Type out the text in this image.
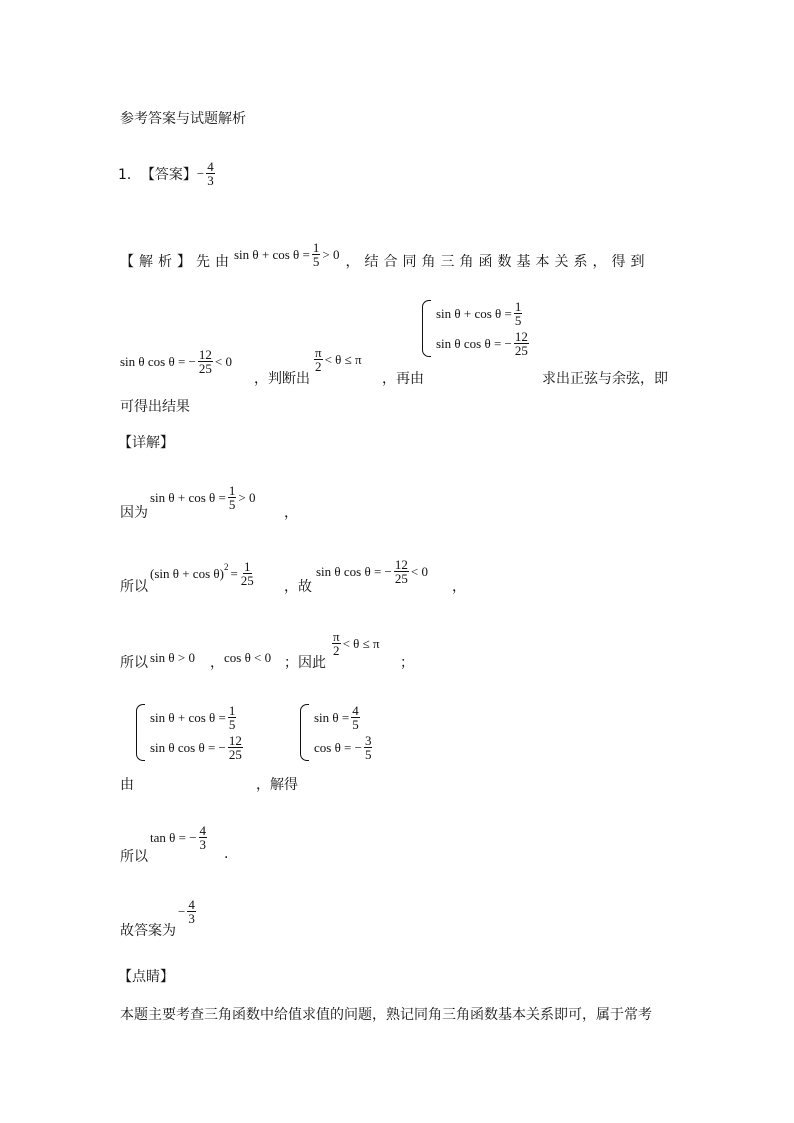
参考答案与试题解析
1． 【答案】 − $\frac{4}{3}$
【解析】 先由 $\sin \theta + \cos \theta = \frac{1}{5} > 0$ ，结合同角三角函数基本关系，得到
sin θ cos θ = − $\frac{12}{25} < 0$
，判断出
$\frac{\pi}{2} < \theta \le \pi$
，再由
$\sin \theta + \cos \theta = \frac{1}{5}$
sin θ cos θ = − $\frac{12}{25}$
求出正弦与余弦，即
可得出结果
【详解】
因为
$\sin \theta + \cos \theta = \frac{1}{5} > 0$
，
所以
(sin $\theta + \cos \theta)^2 = \frac{1}{25}$ ，故
sin θ cos θ = − $\frac{12}{25} < 0$
，
所以 sin θ > 0 ， cos θ < 0 ；因此
$\frac{\pi}{2} < \theta \le \pi$
；
由
$\sin \theta + \cos \theta = \frac{1}{5}$
sin θ cos θ = − $\frac{12}{25}$
，解得
$\sin \theta = \frac{4}{5}$
cos θ = − $\frac{3}{5}$
所以
tan θ = − $\frac{4}{3}$
.
故答案为
− $\frac{4}{3}$
【点睛】
本题主要考查三角函数中给值求值的问题，熟记同角三角函数基本关系即可，属于常考
